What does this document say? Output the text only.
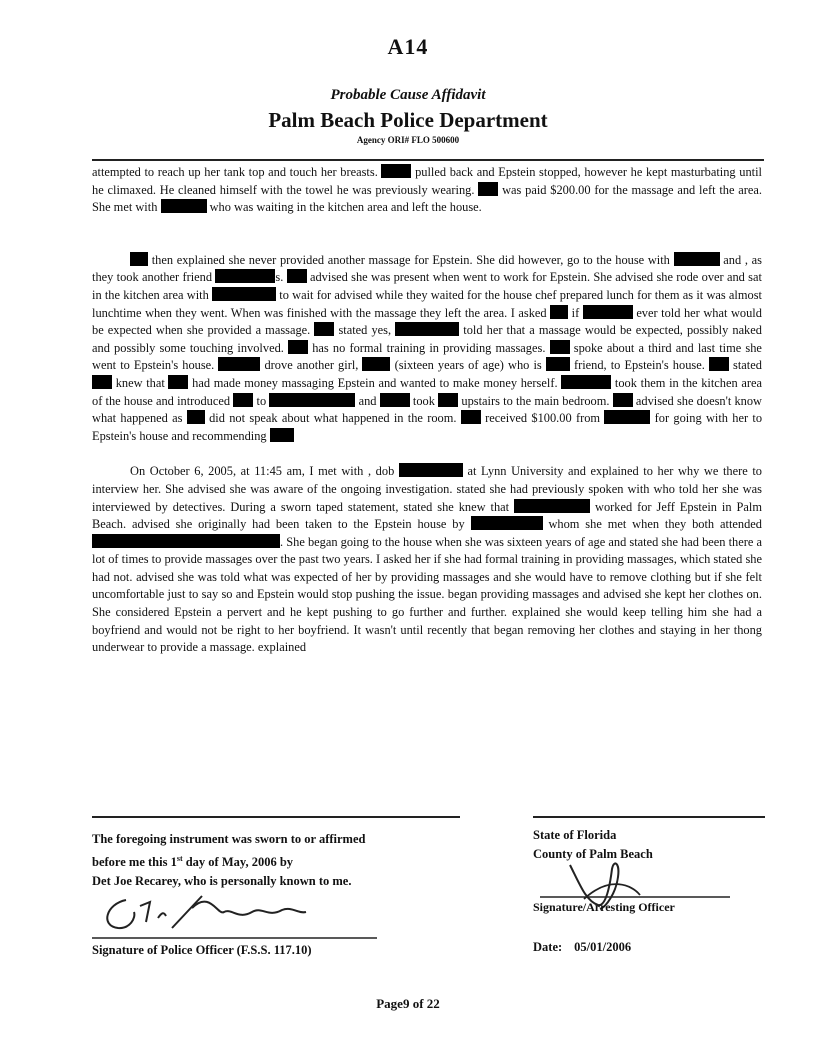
A14
Probable Cause Affidavit
Palm Beach Police Department
Agency ORI# FLO 500600

attempted to reach up her tank top and touch her breasts.	pulled back and Epstein stopped, however he kept masturbating until he climaxed. He cleaned himself with the towel he was previously wearing. was paid $200.00 for the massage and left the area. She met with	who was waiting in the kitchen area and left the house.

then explained she never provided another massage for Epstein. She did however, go to the house with	and , as they took another friend	s. advised she was present when went to work for Epstein. She advised she rode over and sat in the kitchen area with	to wait for advised while they waited for the house chef prepared lunch for them as it was almost lunchtime when they went. When was finished with the massage they left the area. I asked if	ever told her what would be expected when she provided a massage. stated yes,	told her that a massage would be expected, possibly naked and possibly some touching involved. has no formal training in providing massages. spoke about a third and last time she went to Epstein's house.	drove another girl,	(sixteen years of age) who is	friend, to Epstein's house. stated  knew that had made money massaging Epstein and wanted to make money herself.	took them in the kitchen area of the house and introduced to	and	took upstairs to the main bedroom. advised she doesn't know what happened as did not speak about what happened in the room. received $100.00 from	for going with her to Epstein's house and recommending

On October 6, 2005, at 11:45 am, I met with , dob	at Lynn University and explained to her why we there to interview her. She advised she was aware of the ongoing investigation. stated she had previously spoken with who told her she was interviewed by detectives. During a sworn taped statement, stated she knew that	worked for Jeff Epstein in Palm Beach. advised she originally had been taken to the Epstein house by	whom she met when they both attended . She began going to the house when she was sixteen years of age and stated she had been there a lot of times to provide massages over the past two years. I asked her if she had formal training in providing massages, which stated she had not. advised she was told what was expected of her by providing massages and she would have to remove clothing but if she felt uncomfortable just to say so and Epstein would stop pushing the issue. began providing massages and advised she kept her clothes on. She considered Epstein a pervert and he kept pushing to go further and further. explained she would keep telling him she had a boyfriend and would not be right to her boyfriend. It wasn't until recently that began removing her clothes and staying in her thong underwear to provide a massage. explained

The foregoing instrument was sworn to or affirmed
before me this 1st day of May, 2006 by
Det Joe Recarey, who is personally known to me.
State of Florida
County of Palm Beach
Signature of Police Officer (F.S.S. 117.10)
Signature/Arresting Officer
Date: 05/01/2006
Page9 of 22
